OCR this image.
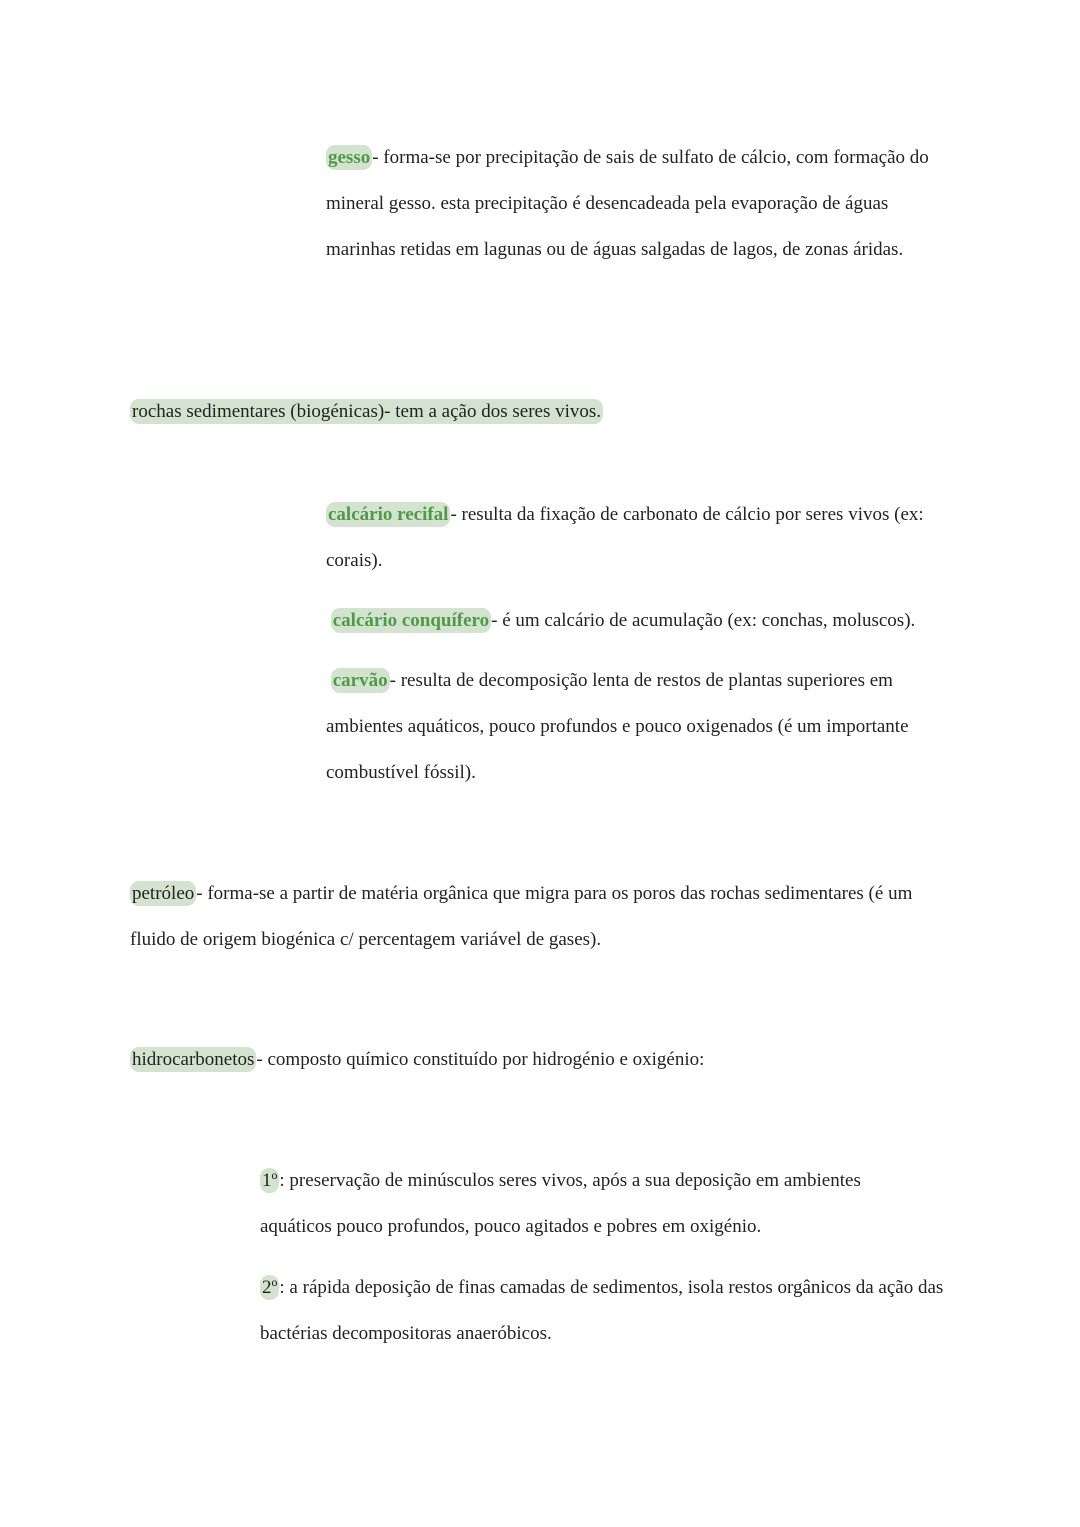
gesso - forma-se por precipitação de sais de sulfato de cálcio, com formação do mineral gesso. esta precipitação é desencadeada pela evaporação de águas marinhas retidas em lagunas ou de águas salgadas de lagos, de zonas áridas.

rochas sedimentares (biogénicas)- tem a ação dos seres vivos.

calcário recifal - resulta da fixação de carbonato de cálcio por seres vivos (ex: corais).

calcário conquífero - é um calcário de acumulação (ex: conchas, moluscos).

carvão - resulta de decomposição lenta de restos de plantas superiores em ambientes aquáticos, pouco profundos e pouco oxigenados (é um importante combustível fóssil).

petróleo - forma-se a partir de matéria orgânica que migra para os poros das rochas sedimentares (é um fluido de origem biogénica c/ percentagem variável de gases).

hidrocarbonetos - composto químico constituído por hidrogénio e oxigénio:

1º : preservação de minúsculos seres vivos, após a sua deposição em ambientes aquáticos pouco profundos, pouco agitados e pobres em oxigénio.

2º : a rápida deposição de finas camadas de sedimentos, isola restos orgânicos da ação das bactérias decompositoras anaeróbicos.
